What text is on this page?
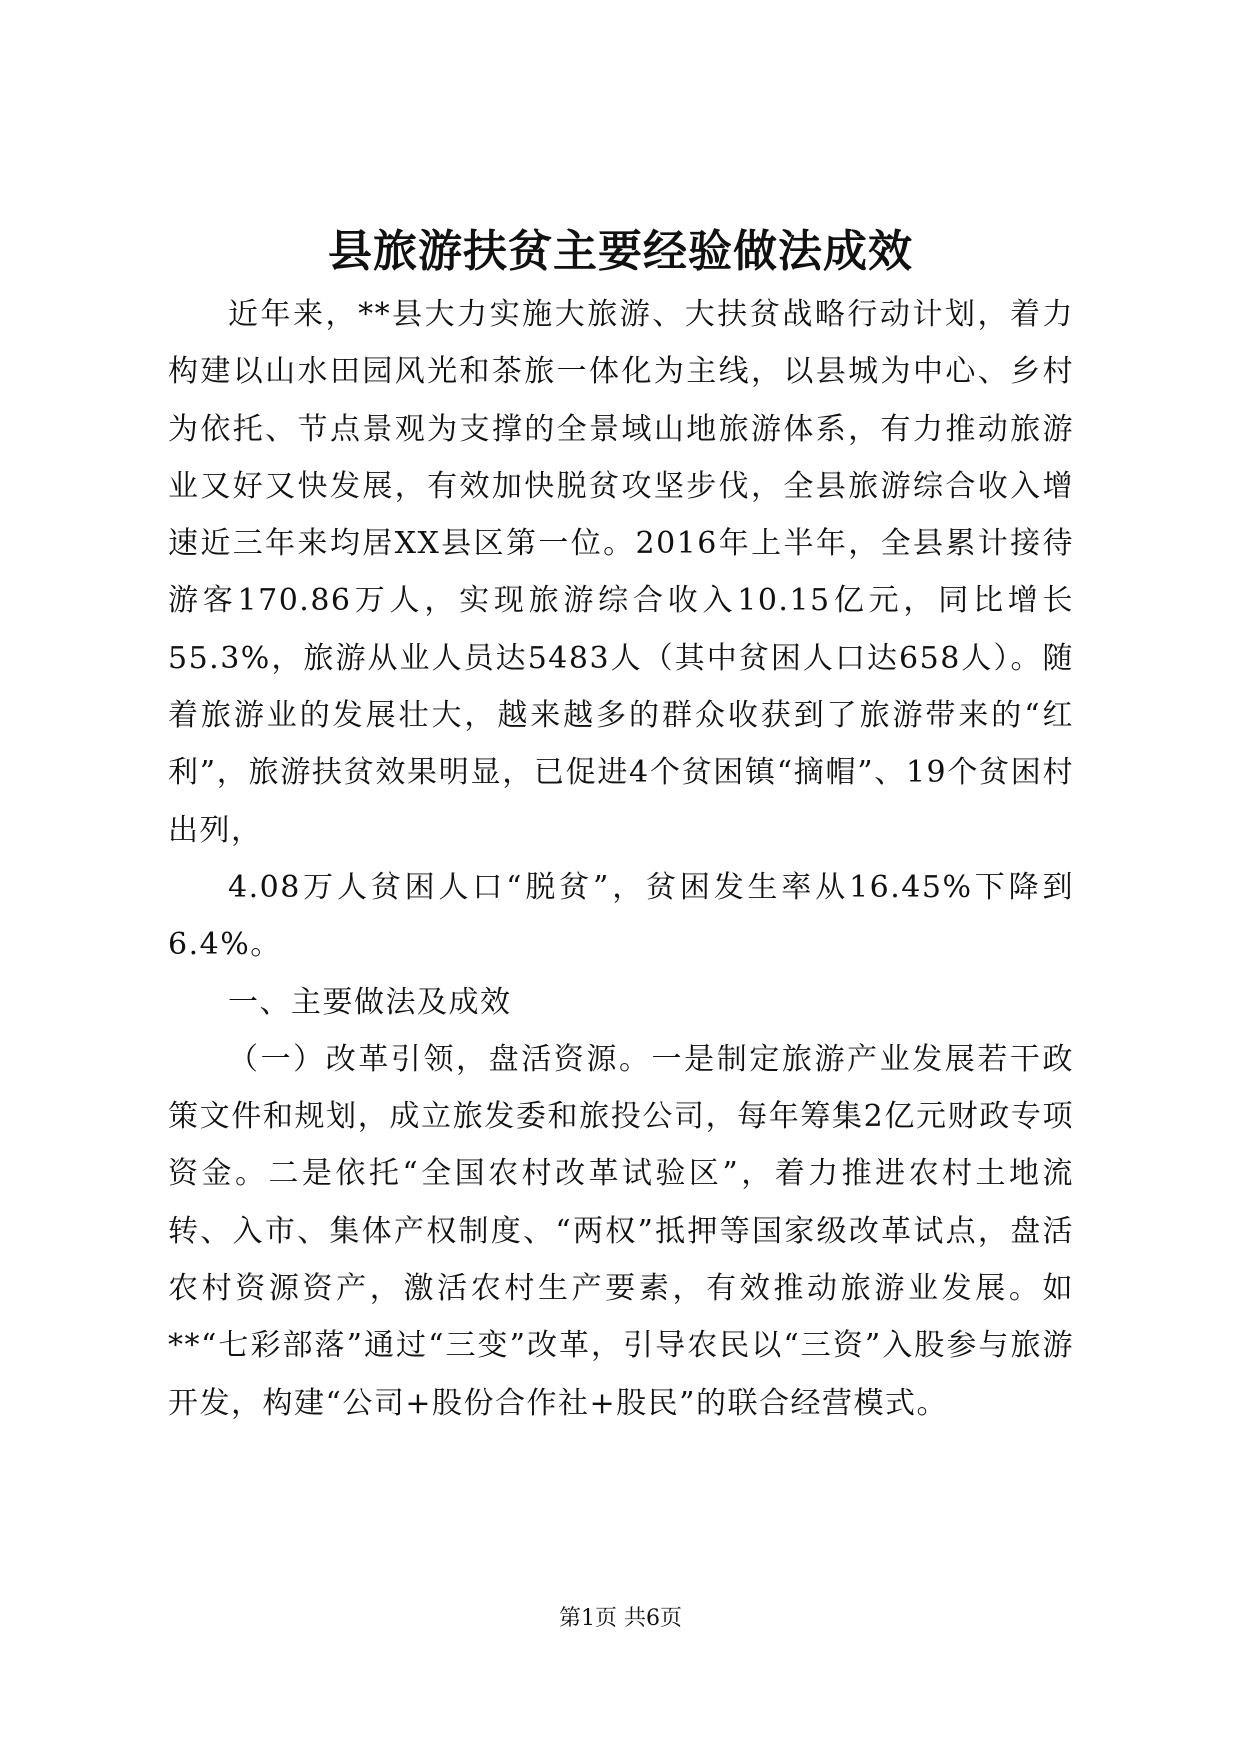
县旅游扶贫主要经验做法成效

近年来，**县大力实施大旅游、大扶贫战略行动计划，着力构建以山水田园风光和茶旅一体化为主线，以县城为中心、乡村为依托、节点景观为支撑的全景域山地旅游体系，有力推动旅游业又好又快发展，有效加快脱贫攻坚步伐，全县旅游综合收入增速近三年来均居XX县区第一位。2016年上半年，全县累计接待游客170.86万人，实现旅游综合收入10.15亿元，同比增长55.3%，旅游从业人员达5483人（其中贫困人口达658人）。随着旅游业的发展壮大，越来越多的群众收获到了旅游带来的“红利”，旅游扶贫效果明显，已促进4个贫困镇“摘帽”、19个贫困村出列，

4.08万人贫困人口“脱贫”，贫困发生率从16.45%下降到6.4%。

一、主要做法及成效

（一）改革引领，盘活资源。一是制定旅游产业发展若干政策文件和规划，成立旅发委和旅投公司，每年筹集2亿元财政专项资金。二是依托“全国农村改革试验区”，着力推进农村土地流转、入市、集体产权制度、“两权”抵押等国家级改革试点，盘活农村资源资产，激活农村生产要素，有效推动旅游业发展。如**“七彩部落”通过“三变”改革，引导农民以“三资”入股参与旅游开发，构建“公司+股份合作社+股民”的联合经营模式。

第1页 共6页
